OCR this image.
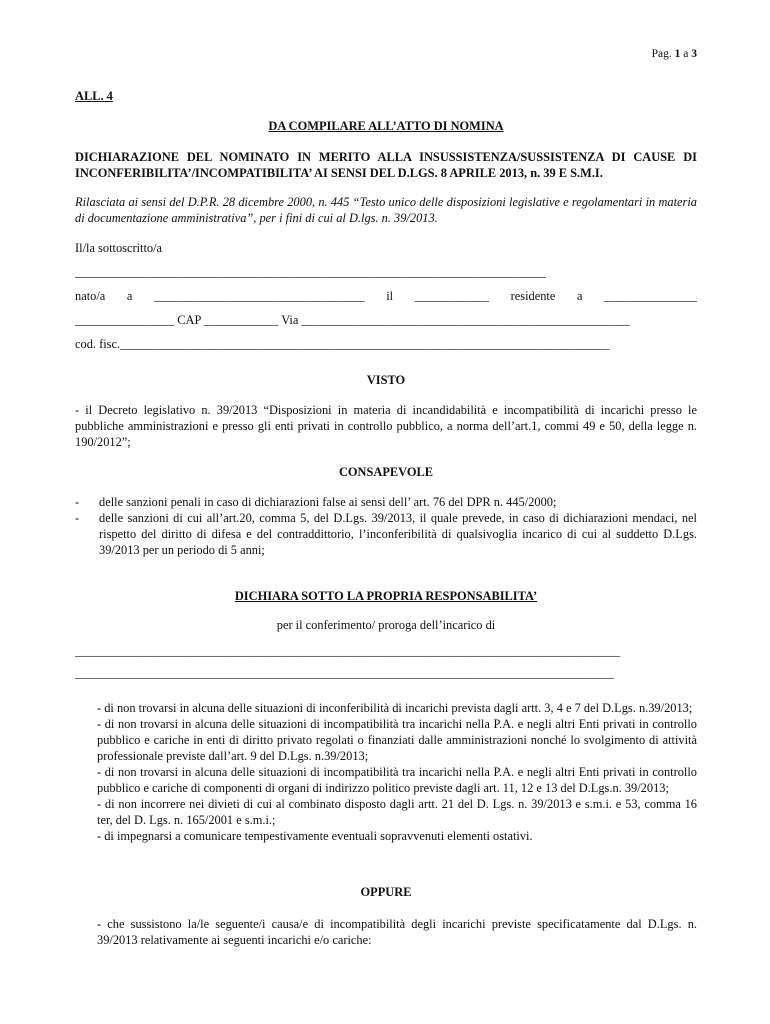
Pag. 1 a 3
ALL. 4
DA COMPILARE ALL’ATTO DI NOMINA
DICHIARAZIONE DEL NOMINATO IN MERITO ALLA INSUSSISTENZA/SUSSISTENZA DI CAUSE DI INCONFERIBILITA’/INCOMPATIBILITA’ AI SENSI DEL D.LGS. 8 APRILE 2013, n. 39 E S.M.I.
Rilasciata ai sensi del D.P.R. 28 dicembre 2000, n. 445 “Testo unico delle disposizioni legislative e regolamentari in materia di documentazione amministrativa”, per i fini di cui al D.lgs. n. 39/2013.
Il/la sottoscritto/a
____________________________________________________________________________
nato/a a __________________________________ il ____________ residente a _______________
________________ CAP ____________ Via _____________________________________________________
cod. fisc._______________________________________________________________________________
VISTO
- il Decreto legislativo n. 39/2013 “Disposizioni in materia di incandidabilità e incompatibilità di incarichi presso le pubbliche amministrazioni e presso gli enti privati in controllo pubblico, a norma dell’art.1, commi 49 e 50, della legge n. 190/2012”;
CONSAPEVOLE
-	delle sanzioni penali in caso di dichiarazioni false ai sensi dell’ art. 76 del DPR n. 445/2000;
-	delle sanzioni di cui all’art.20, comma 5, del D.Lgs. 39/2013, il quale prevede, in caso di dichiarazioni mendaci, nel rispetto del diritto di difesa e del contraddittorio, l’inconferibilità di qualsivoglia incarico di cui al suddetto D.Lgs. 39/2013 per un periodo di 5 anni;
DICHIARA SOTTO LA PROPRIA RESPONSABILITA’
per il conferimento/ proroga dell’incarico di
________________________________________________________________________________________
_______________________________________________________________________________________
- di non trovarsi in alcuna delle situazioni di inconferibilità di incarichi prevista dagli artt. 3, 4 e 7 del D.Lgs. n.39/2013;
- di non trovarsi in alcuna delle situazioni di incompatibilità tra incarichi nella P.A. e negli altri Enti privati in controllo pubblico e cariche in enti di diritto privato regolati o finanziati dalle amministrazioni nonché lo svolgimento di attività professionale previste dall’art. 9 del D.Lgs. n.39/2013;
- di non trovarsi in alcuna delle situazioni di incompatibilità tra incarichi nella P.A. e negli altri Enti privati in controllo pubblico e cariche di componenti di organi di indirizzo politico previste dagli art. 11, 12 e 13 del D.Lgs.n. 39/2013;
- di non incorrere nei divieti di cui al combinato disposto dagli artt. 21 del D. Lgs. n. 39/2013 e s.m.i. e 53, comma 16 ter, del D. Lgs. n. 165/2001 e s.m.i.;
- di impegnarsi a comunicare tempestivamente eventuali sopravvenuti elementi ostativi.
OPPURE
- che sussistono la/le seguente/i causa/e di incompatibilità degli incarichi previste specificatamente dal D.Lgs. n. 39/2013 relativamente ai seguenti incarichi e/o cariche:
